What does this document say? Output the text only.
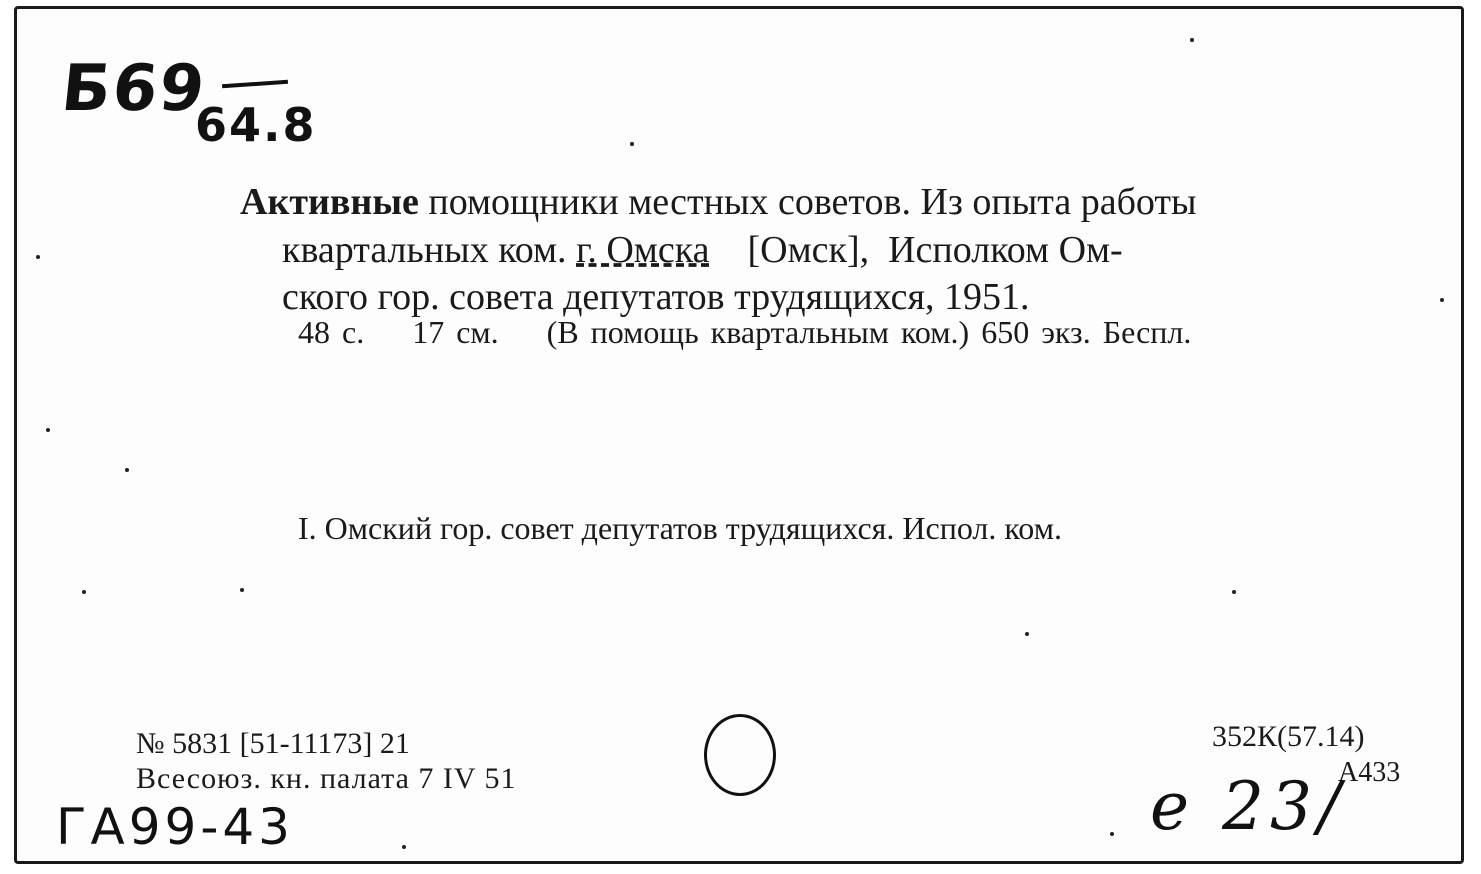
Б69
64.8
Активные помощники местных советов. Из опыта работы
квартальных ком. г. Омска    [Омск],  Исполком Ом-
ского гор. совета депутатов трудящихся, 1951.
48 с.    17 см.    (В помощь квартальным ком.) 650 экз. Беспл.
I. Омский гор. совет депутатов трудящихся. Испол. ком.
№ 5831 [51-11173] 21
Всесоюз. кн. палата 7 IV 51
352К(57.14)
А433
ГА99-43	e 23/
